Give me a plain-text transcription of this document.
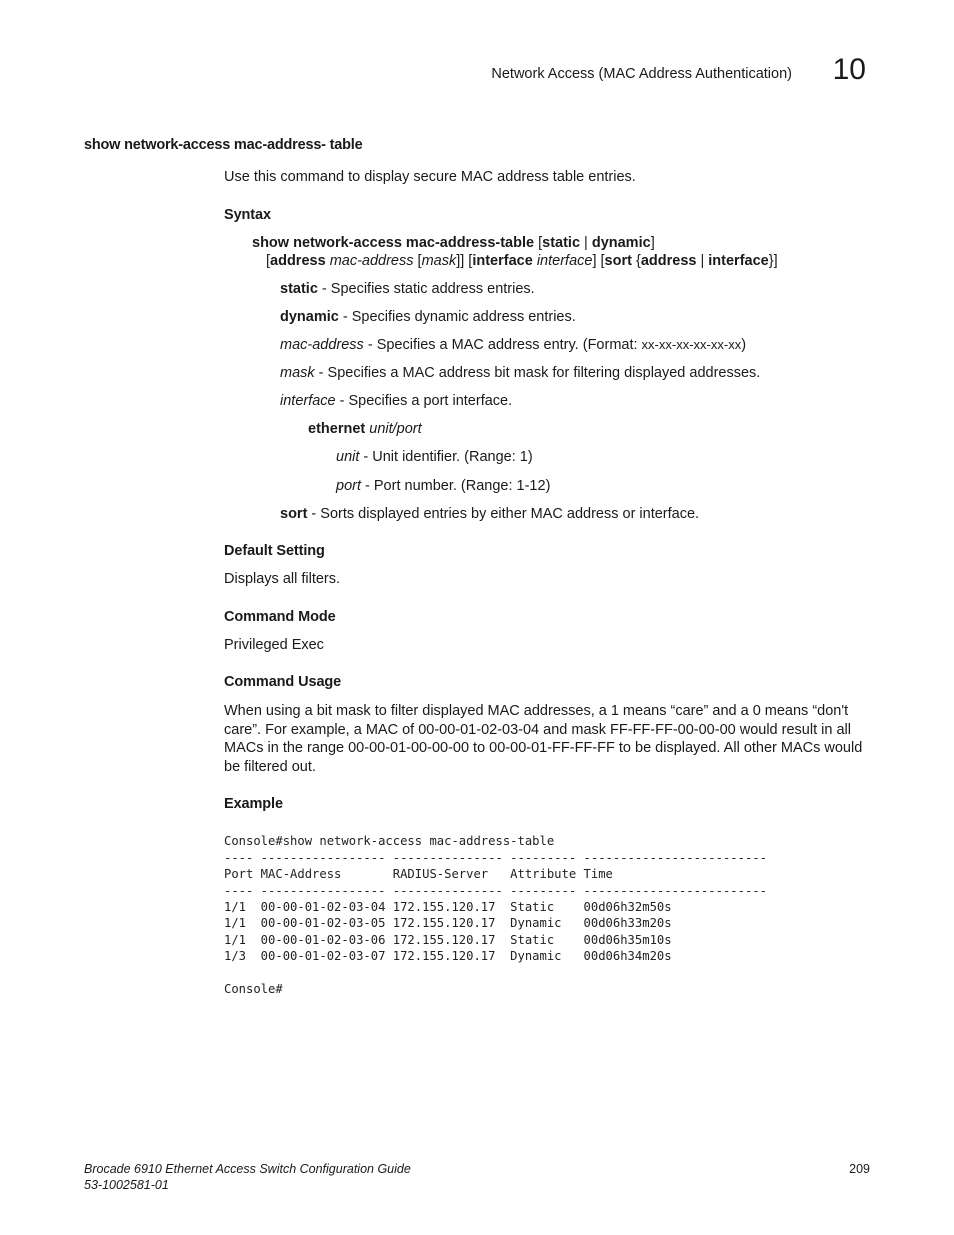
Network Access (MAC Address Authentication) 10
show network-access mac-address- table
Use this command to display secure MAC address table entries.
Syntax
show network-access mac-address-table [static | dynamic]
[address mac-address [mask]] [interface interface] [sort {address | interface}]
static - Specifies static address entries.
dynamic - Specifies dynamic address entries.
mac-address - Specifies a MAC address entry. (Format: xx-xx-xx-xx-xx-xx)
mask - Specifies a MAC address bit mask for filtering displayed addresses.
interface - Specifies a port interface.
ethernet unit/port
unit - Unit identifier. (Range: 1)
port - Port number. (Range: 1-12)
sort - Sorts displayed entries by either MAC address or interface.
Default Setting
Displays all filters.
Command Mode
Privileged Exec
Command Usage
When using a bit mask to filter displayed MAC addresses, a 1 means “care” and a 0 means “don't care”. For example, a MAC of 00-00-01-02-03-04 and mask FF-FF-FF-00-00-00 would result in all MACs in the range 00-00-01-00-00-00 to 00-00-01-FF-FF-FF to be displayed. All other MACs would be filtered out.
Example

Console#show network-access mac-address-table
---- ----------------- --------------- --------- -------------------------
Port MAC-Address       RADIUS-Server   Attribute Time
---- ----------------- --------------- --------- -------------------------
1/1  00-00-01-02-03-04 172.155.120.17  Static    00d06h32m50s
1/1  00-00-01-02-03-05 172.155.120.17  Dynamic   00d06h33m20s
1/1  00-00-01-02-03-06 172.155.120.17  Static    00d06h35m10s
1/3  00-00-01-02-03-07 172.155.120.17  Dynamic   00d06h34m20s
Console#

Brocade 6910 Ethernet Access Switch Configuration Guide
53-1002581-01
209
